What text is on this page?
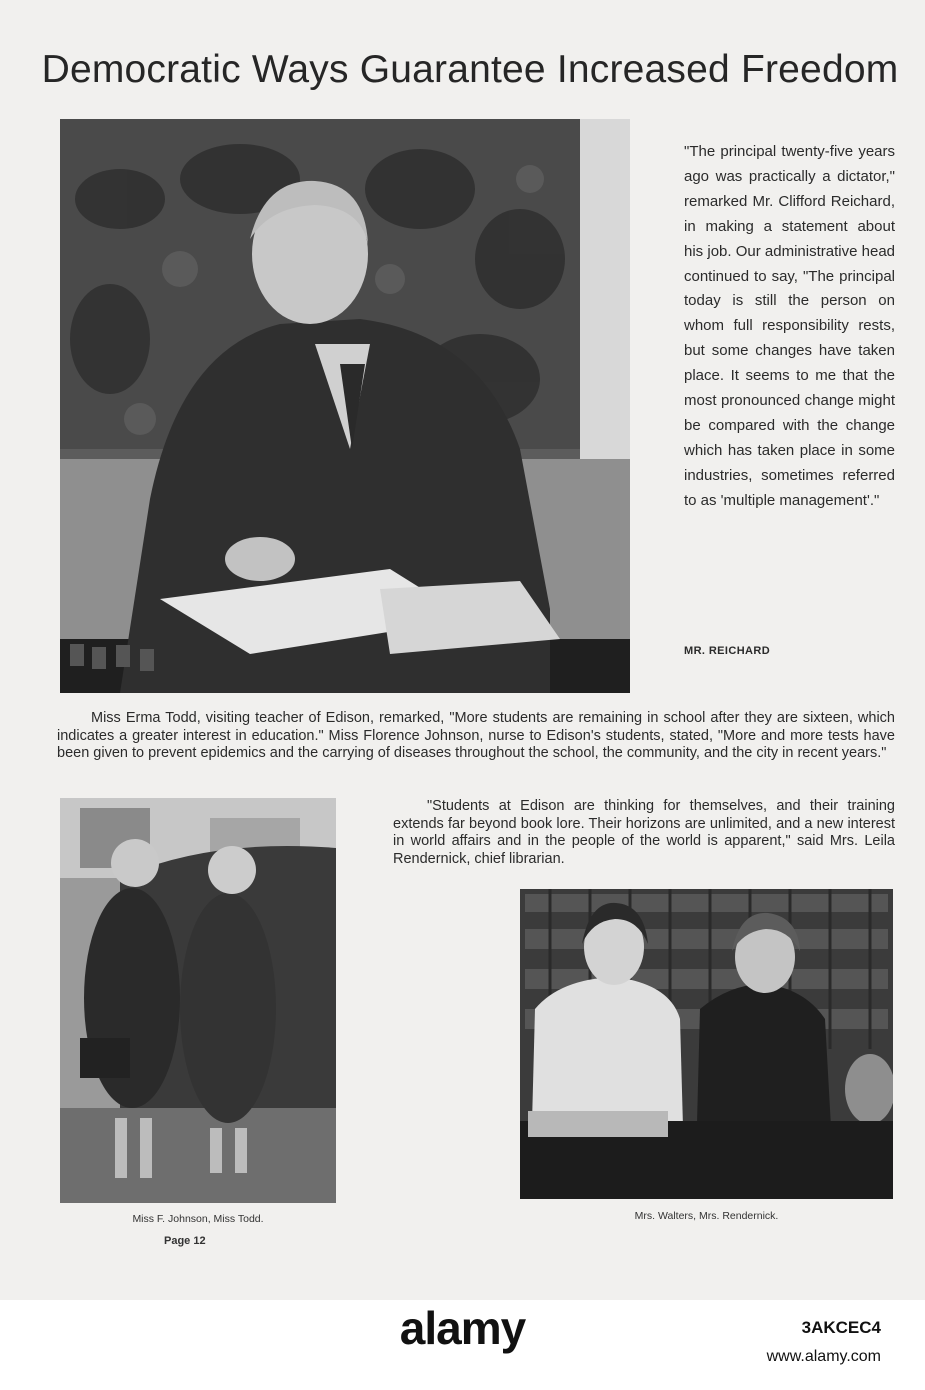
Democratic Ways Guarantee Increased Freedom

"The principal twenty-five years ago was practically a dictator," remarked Mr. Clifford Reichard, in making a statement about his job. Our administrative head continued to say, "The principal today is still the person on whom full responsibility rests, but some changes have taken place. It seems to me that the most pronounced change might be compared with the change which has taken place in some industries, sometimes referred to as 'multiple management'."

MR. REICHARD

Miss Erma Todd, visiting teacher of Edison, remarked, "More students are remaining in school after they are sixteen, which indicates a greater interest in education." Miss Florence Johnson, nurse to Edison's students, stated, "More and more tests have been given to prevent epidemics and the carrying of diseases throughout the school, the community, and the city in recent years."

"Students at Edison are thinking for themselves, and their training extends far beyond book lore. Their horizons are unlimited, and a new interest in world affairs and in the people of the world is apparent," said Mrs. Leila Rendernick, chief librarian.

Miss F. Johnson, Miss Todd.	Mrs. Walters, Mrs. Rendernick.

Page 12

alamy	3AKCEC4

www.alamy.com
